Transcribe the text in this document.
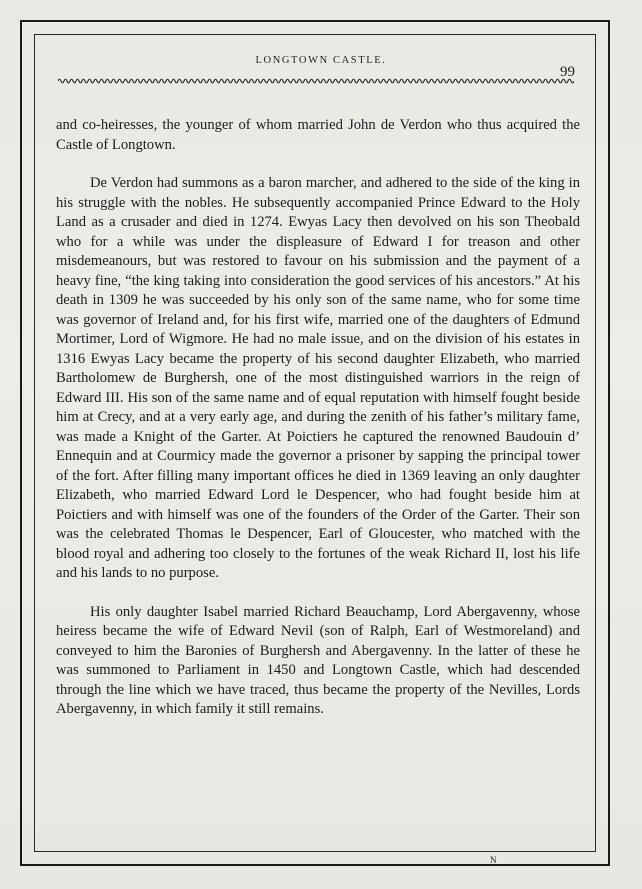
LONGTOWN CASTLE.
99

and co-heiresses, the younger of whom married John de Verdon who thus acquired the Castle of Longtown.

De Verdon had summons as a baron marcher, and adhered to the side of the king in his struggle with the nobles. He subsequently accompanied Prince Edward to the Holy Land as a crusader and died in 1274. Ewyas Lacy then devolved on his son Theobald who for a while was under the displeasure of Edward I for treason and other misdemeanours, but was restored to favour on his submission and the payment of a heavy fine, “the king taking into consideration the good services of his ancestors.” At his death in 1309 he was succeeded by his only son of the same name, who for some time was governor of Ireland and, for his first wife, married one of the daughters of Edmund Mortimer, Lord of Wigmore. He had no male issue, and on the division of his estates in 1316 Ewyas Lacy became the property of his second daughter Elizabeth, who married Bartholomew de Burghersh, one of the most distinguished warriors in the reign of Edward III. His son of the same name and of equal reputation with himself fought beside him at Crecy, and at a very early age, and during the zenith of his father’s military fame, was made a Knight of the Garter. At Poictiers he captured the renowned Baudouin d’ Ennequin and at Courmicy made the governor a prisoner by sapping the principal tower of the fort. After filling many important offices he died in 1369 leaving an only daughter Elizabeth, who married Edward Lord le Despencer, who had fought beside him at Poictiers and with himself was one of the founders of the Order of the Garter. Their son was the celebrated Thomas le Despencer, Earl of Gloucester, who matched with the blood royal and adhering too closely to the fortunes of the weak Richard II, lost his life and his lands to no purpose.

His only daughter Isabel married Richard Beauchamp, Lord Abergavenny, whose heiress became the wife of Edward Nevil (son of Ralph, Earl of Westmoreland) and conveyed to him the Baronies of Burghersh and Abergavenny. In the latter of these he was summoned to Parliament in 1450 and Longtown Castle, which had descended through the line which we have traced, thus became the property of the Nevilles, Lords Abergavenny, in which family it still remains.

N
